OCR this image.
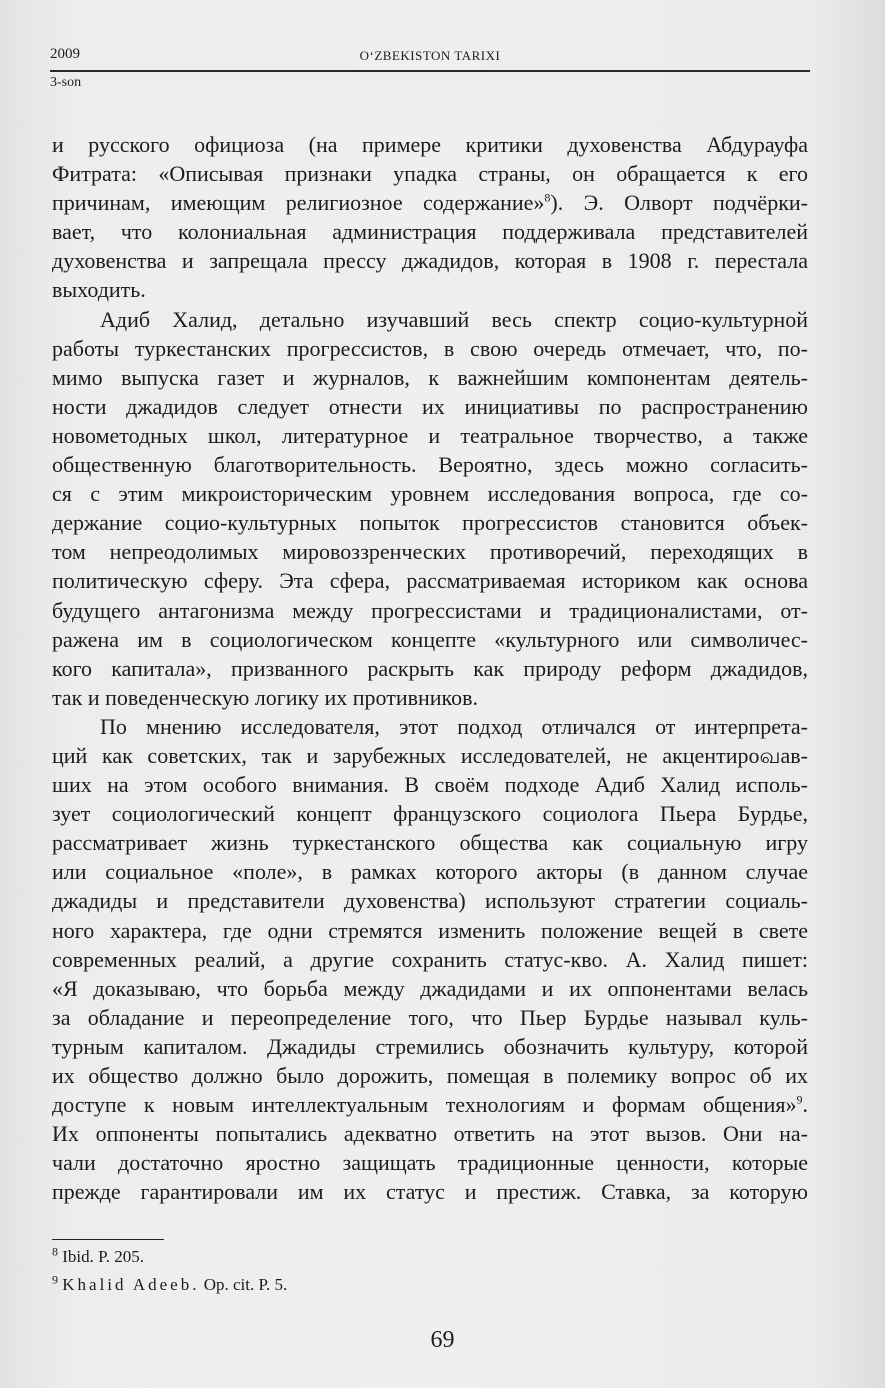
2009	O‘ZBEKISTON TARIXI
3-son
и русского официоза (на примере критики духовенства Абдурауфа
Фитрата: «Описывая признаки упадка страны, он обращается к его
причинам, имеющим религиозное содержание»$^8$). Э. Олворт подчёрки-
вает, что колониальная администрация поддерживала представителей
духовенства и запрещала прессу джадидов, которая в 1908 г. перестала
выходить.
Адиб Халид, детально изучавший весь спектр социо-культурной
работы туркестанских прогрессистов, в свою очередь отмечает, что, по-
мимо выпуска газет и журналов, к важнейшим компонентам деятель-
ности джадидов следует отнести их инициативы по распространению
новометодных школ, литературное и театральное творчество, а также
общественную благотворительность. Вероятно, здесь можно согласить-
ся с этим микроисторическим уровнем исследования вопроса, где со-
держание социо-культурных попыток прогрессистов становится объек-
том непреодолимых мировоззренческих противоречий, переходящих в
политическую сферу. Эта сфера, рассматриваемая историком как основа
будущего антагонизма между прогрессистами и традиционалистами, от-
ражена им в социологическом концепте «культурного или символичес-
кого капитала», призванного раскрыть как природу реформ джадидов,
так и поведенческую логику их противников.
По мнению исследователя, этот подход отличался от интерпрета-
ций как советских, так и зарубежных исследователей, не акцентироவав-
ших на этом особого внимания. В своём подходе Адиб Халид исполь-
зует социологический концепт французского социолога Пьера Бурдье,
рассматривает жизнь туркестанского общества как социальную игру
или социальное «поле», в рамках которого акторы (в данном случае
джадиды и представители духовенства) используют стратегии социаль-
ного характера, где одни стремятся изменить положение вещей в свете
современных реалий, а другие сохранить статус-кво. А. Халид пишет:
«Я доказываю, что борьба между джадидами и их оппонентами велась
за обладание и переопределение того, что Пьер Бурдье называл куль-
турным капиталом. Джадиды стремились обозначить культуру, которой
их общество должно было дорожить, помещая в полемику вопрос об их
доступе к новым интеллектуальным технологиям и формам общения»$^9$.
Их оппоненты попытались адекватно ответить на этот вызов. Они на-
чали достаточно яростно защищать традиционные ценности, которые
прежде гарантировали им их статус и престиж. Ставка, за которую
$^8$ Ibid. P. 205.
$^9$ Khalid Adeeb. Op. cit. P. 5.
69
